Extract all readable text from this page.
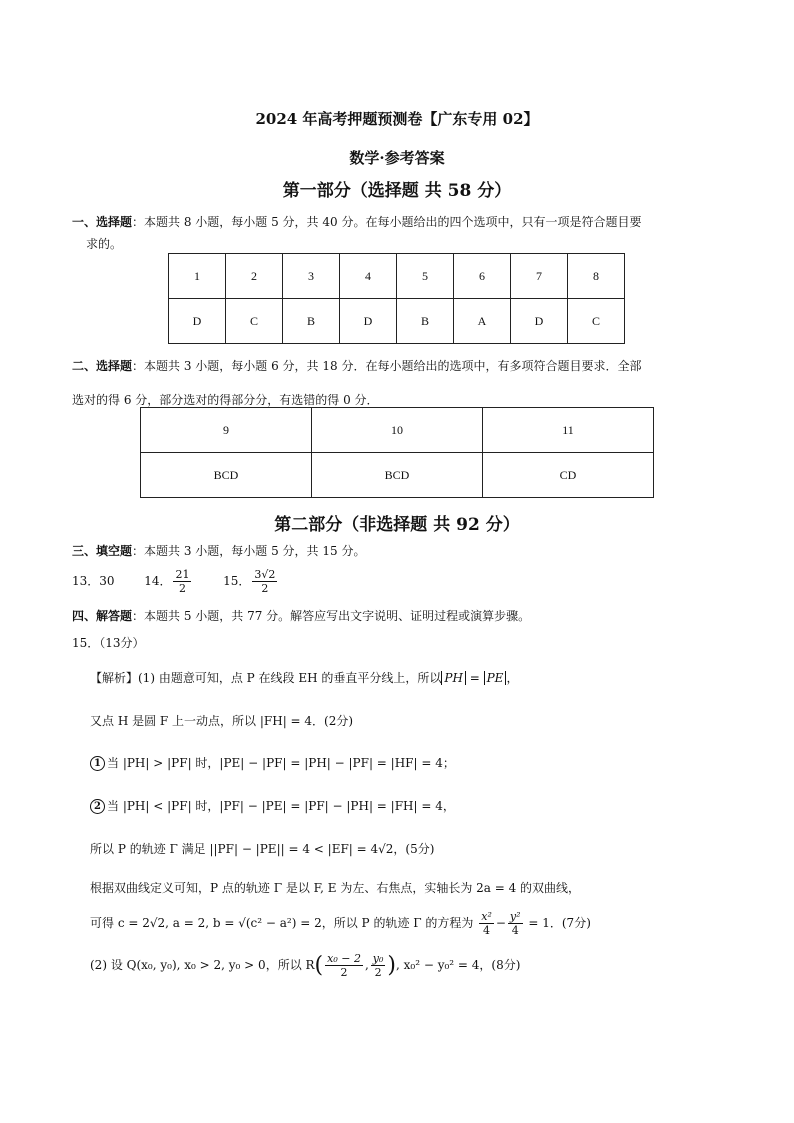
2024 年高考押题预测卷【广东专用 02】
数学·参考答案
第一部分（选择题 共 58 分）
一、选择题：本题共 8 小题，每小题 5 分，共 40 分。在每小题给出的四个选项中，只有一项是符合题目要
求的。
1	2	3	4	5	6	7	8
D	C	B	D	B	A	D	C
二、选择题：本题共 3 小题，每小题 6 分，共 18 分．在每小题给出的选项中，有多项符合题目要求．全部
选对的得 6 分，部分选对的得部分分，有选错的得 0 分．
9	10	11
BCD	BCD	CD
第二部分（非选择题 共 92 分）
三、填空题：本题共 3 小题，每小题 5 分，共 15 分。
13．30 14． $\frac{21}{2}$	15． $\frac{3√2}{2}$
四、解答题：本题共 5 小题，共 77 分。解答应写出文字说明、证明过程或演算步骤。
15．（13分）
【解析】(1) 由题意可知，点 P 在线段 EH 的垂直平分线上，所以 PH = PE ，
又点 H 是圆 F 上一动点，所以 |FH| = 4．(2分)
1 当 |PH| > |PF| 时，|PE| − |PF| = |PH| − |PF| = |HF| = 4；
2 当 |PH| < |PF| 时，|PF| − |PE| = |PF| − |PH| = |FH| = 4，
所以 P 的轨迹 Γ 满足 ||PF| − |PE|| = 4 < |EF| = 4√2，(5分)
根据双曲线定义可知，P 点的轨迹 Γ 是以 F, E 为左、右焦点，实轴长为 2a = 4 的双曲线，
可得 c = 2√2, a = 2, b = √(c² − a²) = 2，所以 P 的轨迹 Γ 的方程为 $\frac{\text{x²}}{4} - \frac{\text{y²}}{4} = 1$．(7分)
(2) 设 Q(x₀, y₀), x₀ > 2, y₀ > 0，所以 $R( \frac{\text{x₀ − 2}}{2}$ , $\frac{\text{y₀}}{2}$ ), x₀² − y₀² = 4，(8分)
